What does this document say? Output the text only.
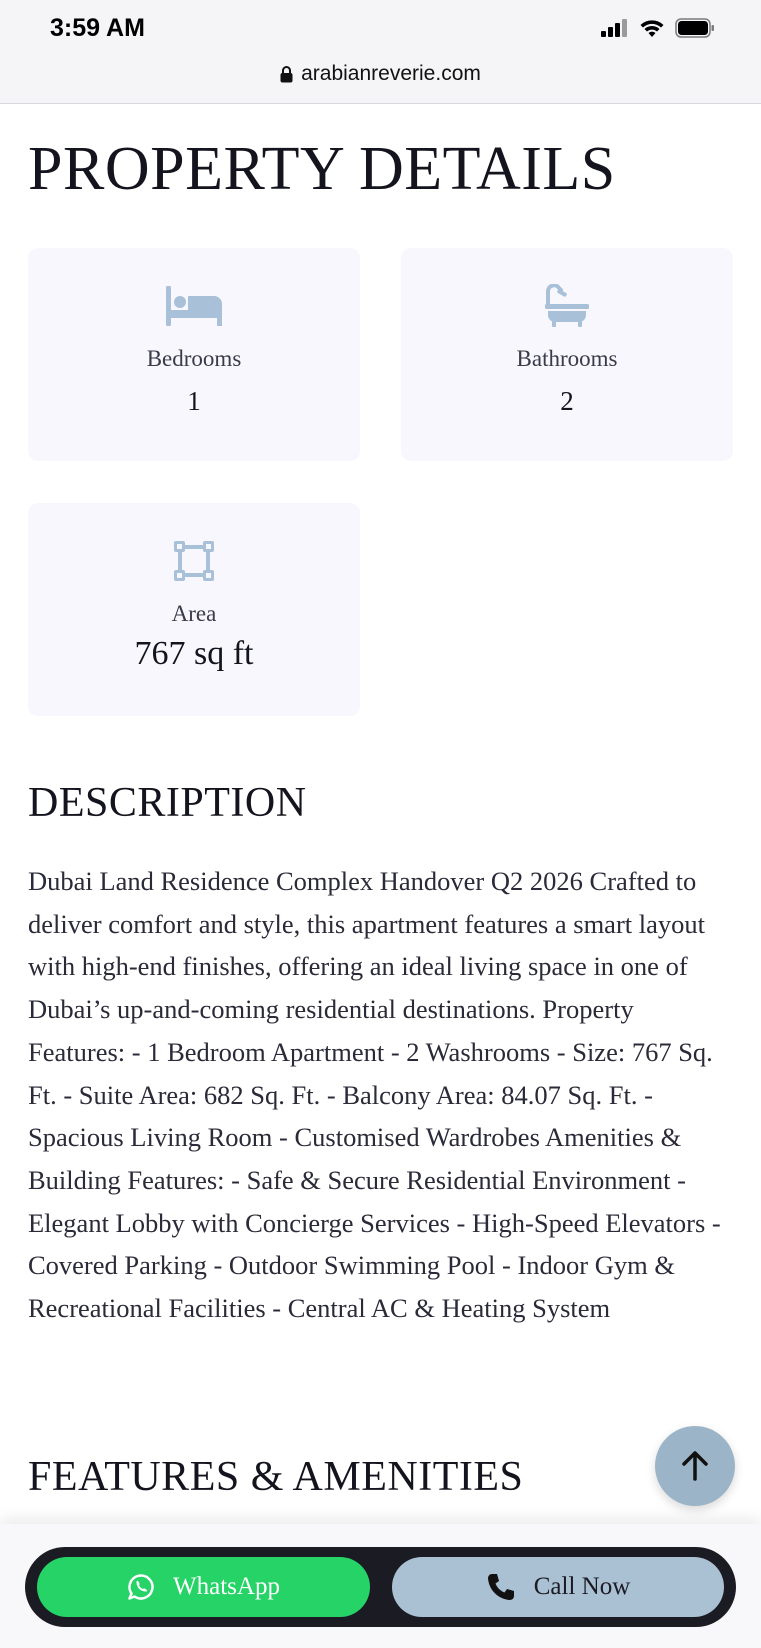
3:59 AM
arabianreverie.com
PROPERTY DETAILS
Bedrooms
1
Bathrooms
2
Area
767 sq ft
DESCRIPTION

Dubai Land Residence Complex Handover Q2 2026 Crafted to deliver comfort and style, this apartment features a smart layout with high-end finishes, offering an ideal living space in one of Dubai’s up-and-coming residential destinations. Property Features: - 1 Bedroom Apartment - 2 Washrooms - Size: 767 Sq. Ft. - Suite Area: 682 Sq. Ft. - Balcony Area: 84.07 Sq. Ft. - Spacious Living Room - Customised Wardrobes Amenities & Building Features: - Safe & Secure Residential Environment - Elegant Lobby with Concierge Services - High-Speed Elevators - Covered Parking - Outdoor Swimming Pool - Indoor Gym & Recreational Facilities - Central AC & Heating System

FEATURES & AMENITIES
WhatsApp	Call Now
